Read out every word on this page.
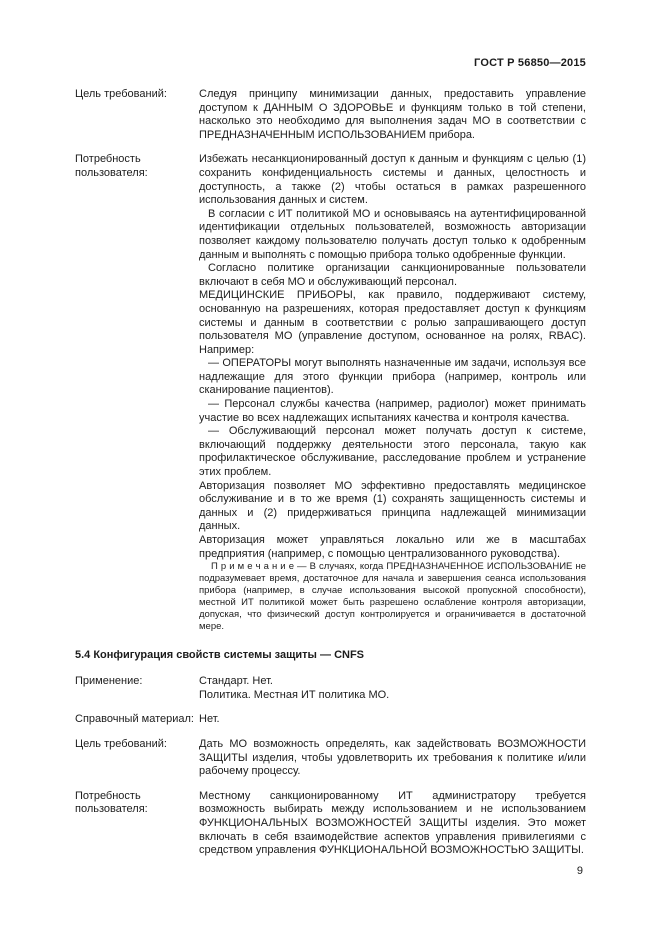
ГОСТ Р 56850—2015
Цель требований:	Следуя принципу минимизации данных, предоставить управление доступом к ДАННЫМ О ЗДОРОВЬЕ и функциям только в той степени, насколько это необходимо для выполнения задач МО в соответствии с ПРЕДНАЗНАЧЕННЫМ ИСПОЛЬЗОВАНИЕМ прибора.

Потребность пользователя:

Избежать несанкционированный доступ к данным и функциям с целью (1) сохранить конфиденциальность системы и данных, целостность и доступность, а также (2) чтобы остаться в рамках разрешенного использования данных и систем.

В согласии с ИТ политикой МО и основываясь на аутентифицированной идентификации отдельных пользователей, возможность авторизации позволяет каждому пользователю получать доступ только к одобренным данным и выполнять с помощью прибора только одобренные функции.

Согласно политике организации санкционированные пользователи включают в себя МО и обслуживающий персонал.

МЕДИЦИНСКИЕ ПРИБОРЫ, как правило, поддерживают систему, основанную на разрешениях, которая предоставляет доступ к функциям системы и данным в соответствии с ролью запрашивающего доступ пользователя МО (управление доступом, основанное на ролях, RBAC). Например:

— ОПЕРАТОРЫ могут выполнять назначенные им задачи, используя все надлежащие для этого функции прибора (например, контроль или сканирование пациентов).

— Персонал службы качества (например, радиолог) может принимать участие во всех надлежащих испытаниях качества и контроля качества.

— Обслуживающий персонал может получать доступ к системе, включающий поддержку деятельности этого персонала, такую как профилактическое обслуживание, расследование проблем и устранение этих проблем.

Авторизация позволяет МО эффективно предоставлять медицинское обслуживание и в то же время (1) сохранять защищенность системы и данных и (2) придерживаться принципа надлежащей минимизации данных.

Авторизация может управляться локально или же в масштабах предприятия (например, с помощью централизованного руководства).

П р и м е ч а н и е — В случаях, когда ПРЕДНАЗНАЧЕННОЕ ИСПОЛЬЗОВАНИЕ не подразумевает время, достаточное для начала и завершения сеанса использования прибора (например, в случае использования высокой пропускной способности), местной ИТ политикой может быть разрешено ослабление контроля авторизации, допуская, что физический доступ контролируется и ограничивается в достаточной мере.

5.4 Конфигурация свойств системы защиты — CNFS
Применение:	Стандарт. Нет.

Политика. Местная ИТ политика МО.

Справочный материал: Нет.

Цель требований:	Дать МО возможность определять, как задействовать ВОЗМОЖНОСТИ ЗАЩИТЫ изделия, чтобы удовлетворить их требования к политике и/или рабочему процессу.

Потребность пользователя:

Местному санкционированному ИТ администратору требуется возможность выбирать между использованием и не использованием ФУНКЦИОНАЛЬНЫХ ВОЗМОЖНОСТЕЙ ЗАЩИТЫ изделия. Это может включать в себя взаимодействие аспектов управления привилегиями с средством управления ФУНКЦИОНАЛЬНОЙ ВОЗМОЖНОСТЬЮ ЗАЩИТЫ.

9
